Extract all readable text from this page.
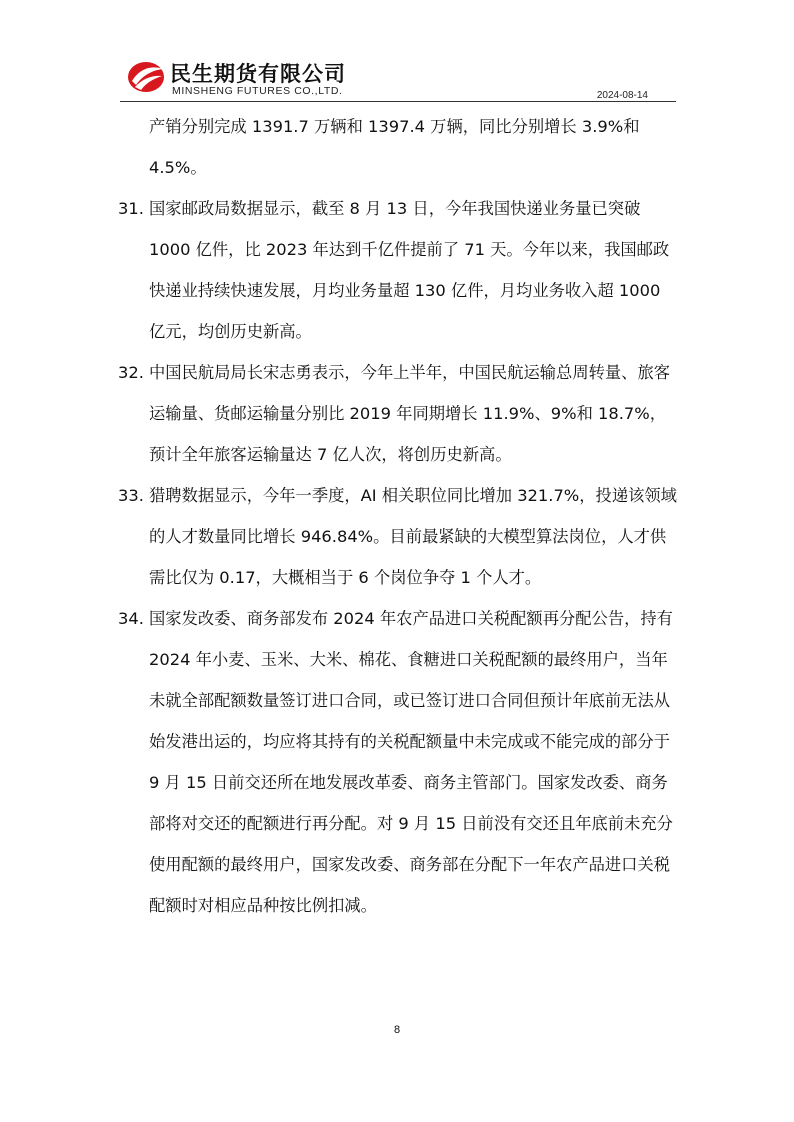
民生期货有限公司
MINSHENG FUTURES CO.,LTD.	2024-08-14

产销分别完成 1391.7 万辆和 1397.4 万辆，同比分别增长 3.9%和 4.5%。

31. 国家邮政局数据显示，截至 8 月 13 日，今年我国快递业务量已突破 1000 亿件，比 2023 年达到千亿件提前了 71 天。今年以来，我国邮政快递业持续快速发展，月均业务量超 130 亿件，月均业务收入超 1000 亿元，均创历史新高。
32. 中国民航局局长宋志勇表示，今年上半年，中国民航运输总周转量、旅客运输量、货邮运输量分别比 2019 年同期增长 11.9%、9%和 18.7%，预计全年旅客运输量达 7 亿人次，将创历史新高。
33. 猎聘数据显示，今年一季度，AI 相关职位同比增加 321.7%，投递该领域的人才数量同比增长 946.84%。目前最紧缺的大模型算法岗位，人才供需比仅为 0.17，大概相当于 6 个岗位争夺 1 个人才。
34. 国家发改委、商务部发布 2024 年农产品进口关税配额再分配公告，持有 2024 年小麦、玉米、大米、棉花、食糖进口关税配额的最终用户，当年未就全部配额数量签订进口合同，或已签订进口合同但预计年底前无法从始发港出运的，均应将其持有的关税配额量中未完成或不能完成的部分于 9 月 15 日前交还所在地发展改革委、商务主管部门。国家发改委、商务部将对交还的配额进行再分配。对 9 月 15 日前没有交还且年底前未充分使用配额的最终用户，国家发改委、商务部在分配下一年农产品进口关税配额时对相应品种按比例扣减。
8
